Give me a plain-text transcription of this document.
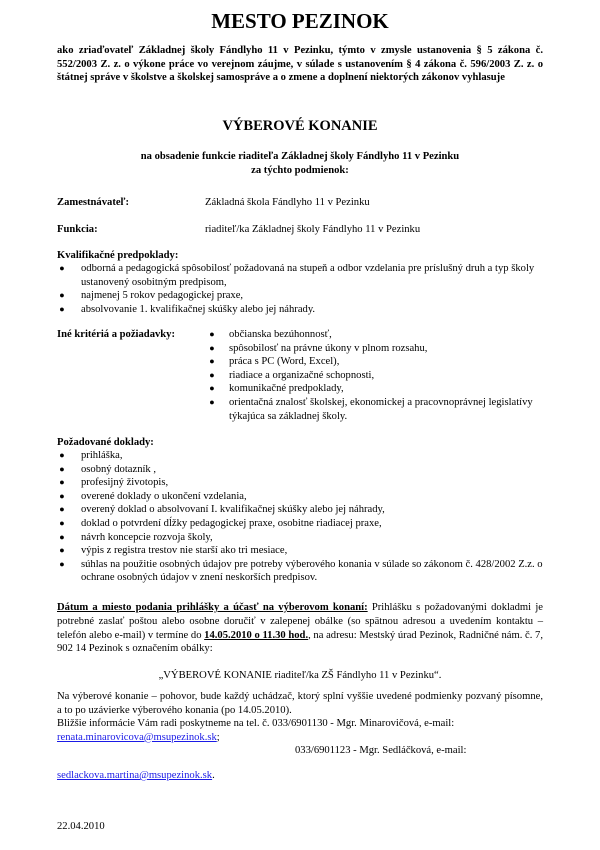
MESTO PEZINOK
ako zriaďovateľ Základnej školy Fándlyho 11 v Pezinku, týmto v zmysle ustanovenia § 5 zákona č. 552/2003 Z. z. o výkone práce vo verejnom záujme, v súlade s ustanovením § 4 zákona č. 596/2003 Z. z. o štátnej správe v školstve a školskej samospráve a o zmene a doplnení niektorých zákonov vyhlasuje
VÝBEROVÉ KONANIE
na obsadenie funkcie riaditeľa Základnej školy Fándlyho 11 v Pezinku
za týchto podmienok:
Zamestnávateľ:	Základná škola Fándlyho 11 v Pezinku
Funkcia:	riaditeľ/ka Základnej školy Fándlyho 11 v Pezinku
Kvalifikačné predpoklady:
● odborná a pedagogická spôsobilosť požadovaná na stupeň a odbor vzdelania pre príslušný druh a typ školy ustanovený osobitným predpisom,
● najmenej 5 rokov pedagogickej praxe,
● absolvovanie 1. kvalifikačnej skúšky alebo jej náhrady.
Iné kritériá a požiadavky:	● občianska bezúhonnosť,
● spôsobilosť na právne úkony v plnom rozsahu,
● práca s PC (Word, Excel),
● riadiace a organizačné schopnosti,
● komunikačné predpoklady,
● orientačná znalosť školskej, ekonomickej a pracovnoprávnej legislatívy týkajúca sa základnej školy.
Požadované doklady:
● prihláška,
● osobný dotazník ,
● profesijný životopis,
● overené doklady o ukončení vzdelania,
● overený doklad o absolvovaní I. kvalifikačnej skúšky alebo jej náhrady,
● doklad o potvrdení dĺžky pedagogickej praxe, osobitne riadiacej praxe,
● návrh koncepcie rozvoja školy,
● výpis z registra trestov nie starší ako tri mesiace,
● súhlas na použitie osobných údajov pre potreby výberového konania v súlade so zákonom č. 428/2002 Z.z. o ochrane osobných údajov v znení neskorších predpisov.
Dátum a miesto podania prihlášky a účasť na výberovom konaní: Prihlášku s požadovanými dokladmi je potrebné zaslať poštou alebo osobne doručiť v zalepenej obálke (so spätnou adresou a uvedením kontaktu – telefón alebo e-mail) v termíne do 14.05.2010 o 11.30 hod., na adresu: Mestský úrad Pezinok, Radničné nám. č. 7, 902 14 Pezinok s označením obálky:
„VÝBEROVÉ KONANIE riaditeľ/ka ZŠ Fándlyho 11 v Pezinku“.
Na výberové konanie – pohovor, bude každý uchádzač, ktorý splní vyššie uvedené podmienky pozvaný písomne, a to po uzávierke výberového konania (po 14.05.2010).
Bližšie informácie Vám radi poskytneme na tel. č. 033/6901130 - Mgr. Minarovičová, e-mail:
renata.minarovicova@msupezinok.sk;
033/6901123 - Mgr. Sedláčková, e-mail:
sedlackova.martina@msupezinok.sk.
22.04.2010
